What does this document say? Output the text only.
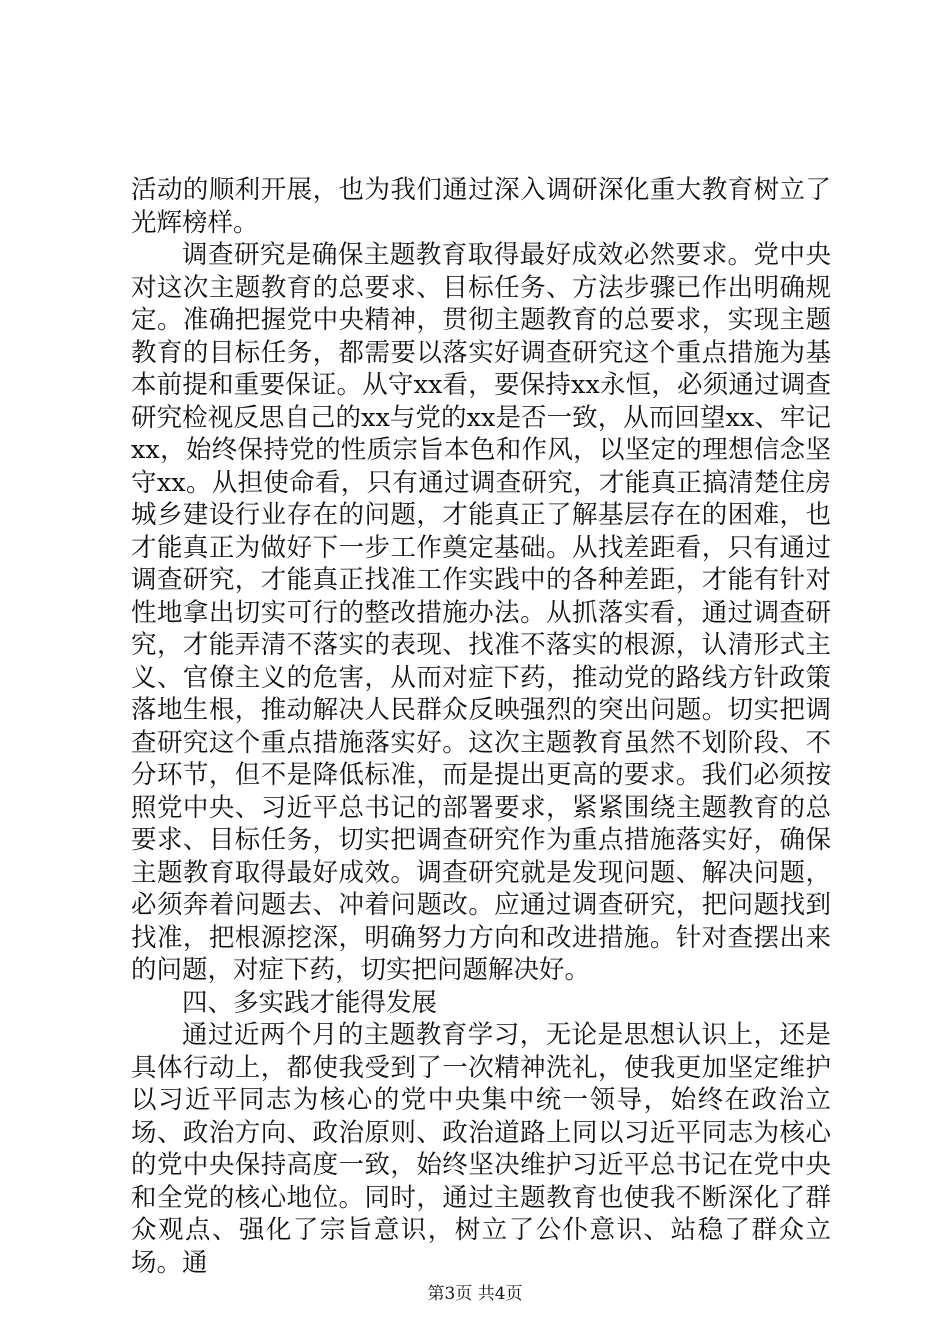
活动的顺利开展，也为我们通过深入调研深化重大教育树立了光辉榜样。

调查研究是确保主题教育取得最好成效必然要求。党中央对这次主题教育的总要求、目标任务、方法步骤已作出明确规定。准确把握党中央精神，贯彻主题教育的总要求，实现主题教育的目标任务，都需要以落实好调查研究这个重点措施为基本前提和重要保证。从守xx看，要保持xx永恒，必须通过调查研究检视反思自己的xx与党的xx是否一致，从而回望xx、牢记xx，始终保持党的性质宗旨本色和作风，以坚定的理想信念坚守xx。从担使命看，只有通过调查研究，才能真正搞清楚住房城乡建设行业存在的问题，才能真正了解基层存在的困难，也才能真正为做好下一步工作奠定基础。从找差距看，只有通过调查研究，才能真正找准工作实践中的各种差距，才能有针对性地拿出切实可行的整改措施办法。从抓落实看，通过调查研究，才能弄清不落实的表现、找准不落实的根源，认清形式主义、官僚主义的危害，从而对症下药，推动党的路线方针政策落地生根，推动解决人民群众反映强烈的突出问题。切实把调查研究这个重点措施落实好。这次主题教育虽然不划阶段、不分环节，但不是降低标准，而是提出更高的要求。我们必须按照党中央、习近平总书记的部署要求，紧紧围绕主题教育的总要求、目标任务，切实把调查研究作为重点措施落实好，确保主题教育取得最好成效。调查研究就是发现问题、解决问题，必须奔着问题去、冲着问题改。应通过调查研究，把问题找到找准，把根源挖深，明确努力方向和改进措施。针对查摆出来的问题，对症下药，切实把问题解决好。

四、多实践才能得发展

通过近两个月的主题教育学习，无论是思想认识上，还是具体行动上，都使我受到了一次精神洗礼，使我更加坚定维护以习近平同志为核心的党中央集中统一领导，始终在政治立场、政治方向、政治原则、政治道路上同以习近平同志为核心的党中央保持高度一致，始终坚决维护习近平总书记在党中央和全党的核心地位。同时，通过主题教育也使我不断深化了群众观点、强化了宗旨意识，树立了公仆意识、站稳了群众立场。通

第3页 共4页
